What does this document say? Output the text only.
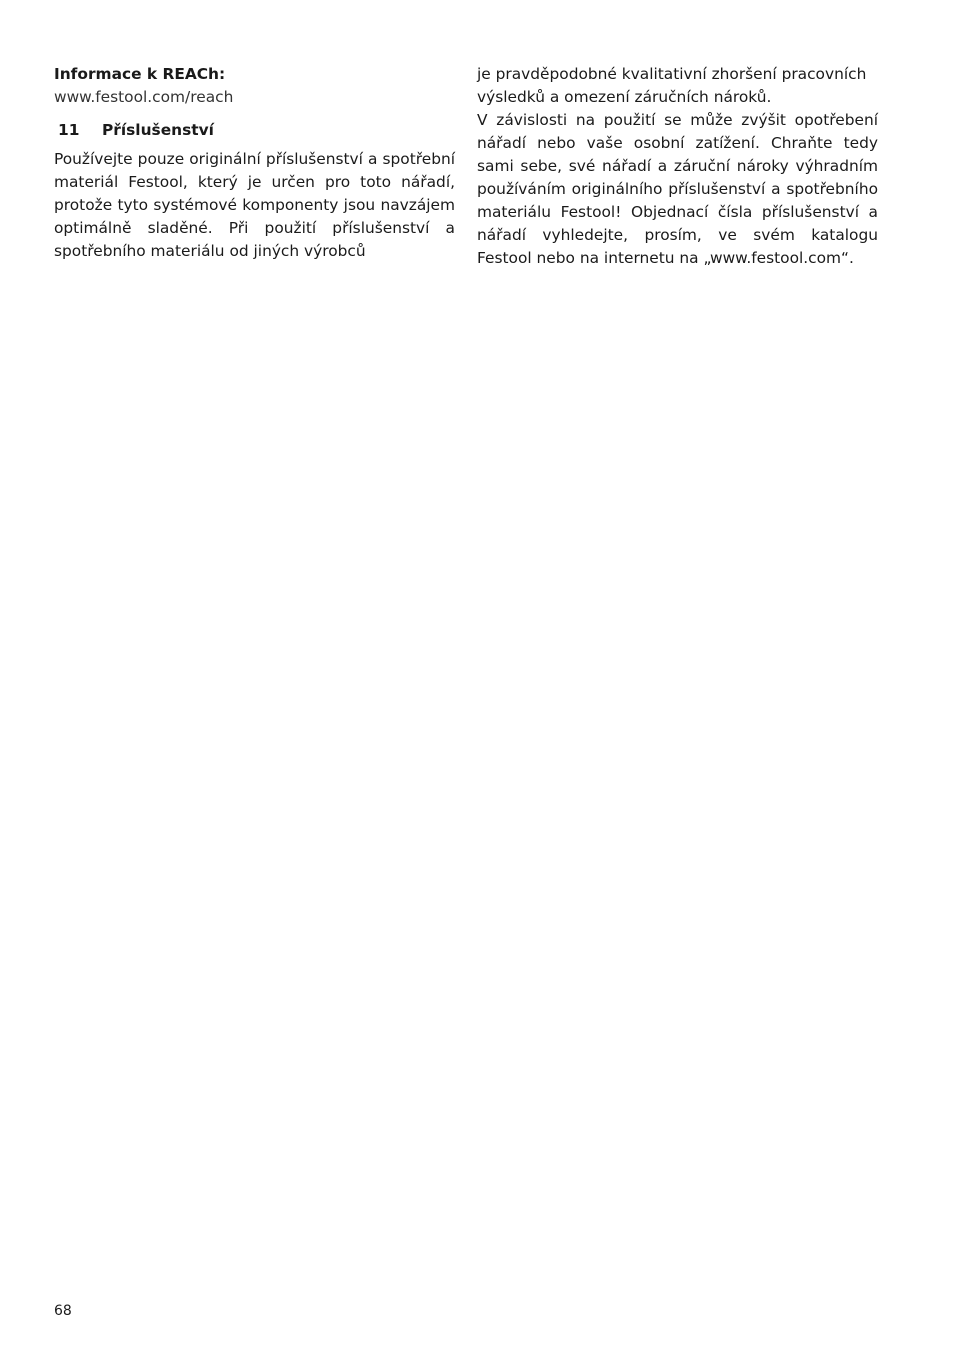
Informace k REACh:
www.festool.com/reach
11	Příslušenství

Používejte pouze originální příslušenství a spotřební materiál Festool, který je určen pro toto nářadí, protože tyto systémové komponenty jsou navzájem optimálně sladěné. Při použití příslušenství a spotřebního materiálu od jiných výrobců

je pravděpodobné kvalitativní zhoršení pracovních výsledků a omezení záručních nároků.

V závislosti na použití se může zvýšit opotřebení nářadí nebo vaše osobní zatížení. Chraňte tedy sami sebe, své nářadí a záruční nároky výhradním používáním originálního příslušenství a spotřebního materiálu Festool! Objednací čísla příslušenství a nářadí vyhledejte, prosím, ve svém katalogu Festool nebo na internetu na „www.festool.com“.

68
